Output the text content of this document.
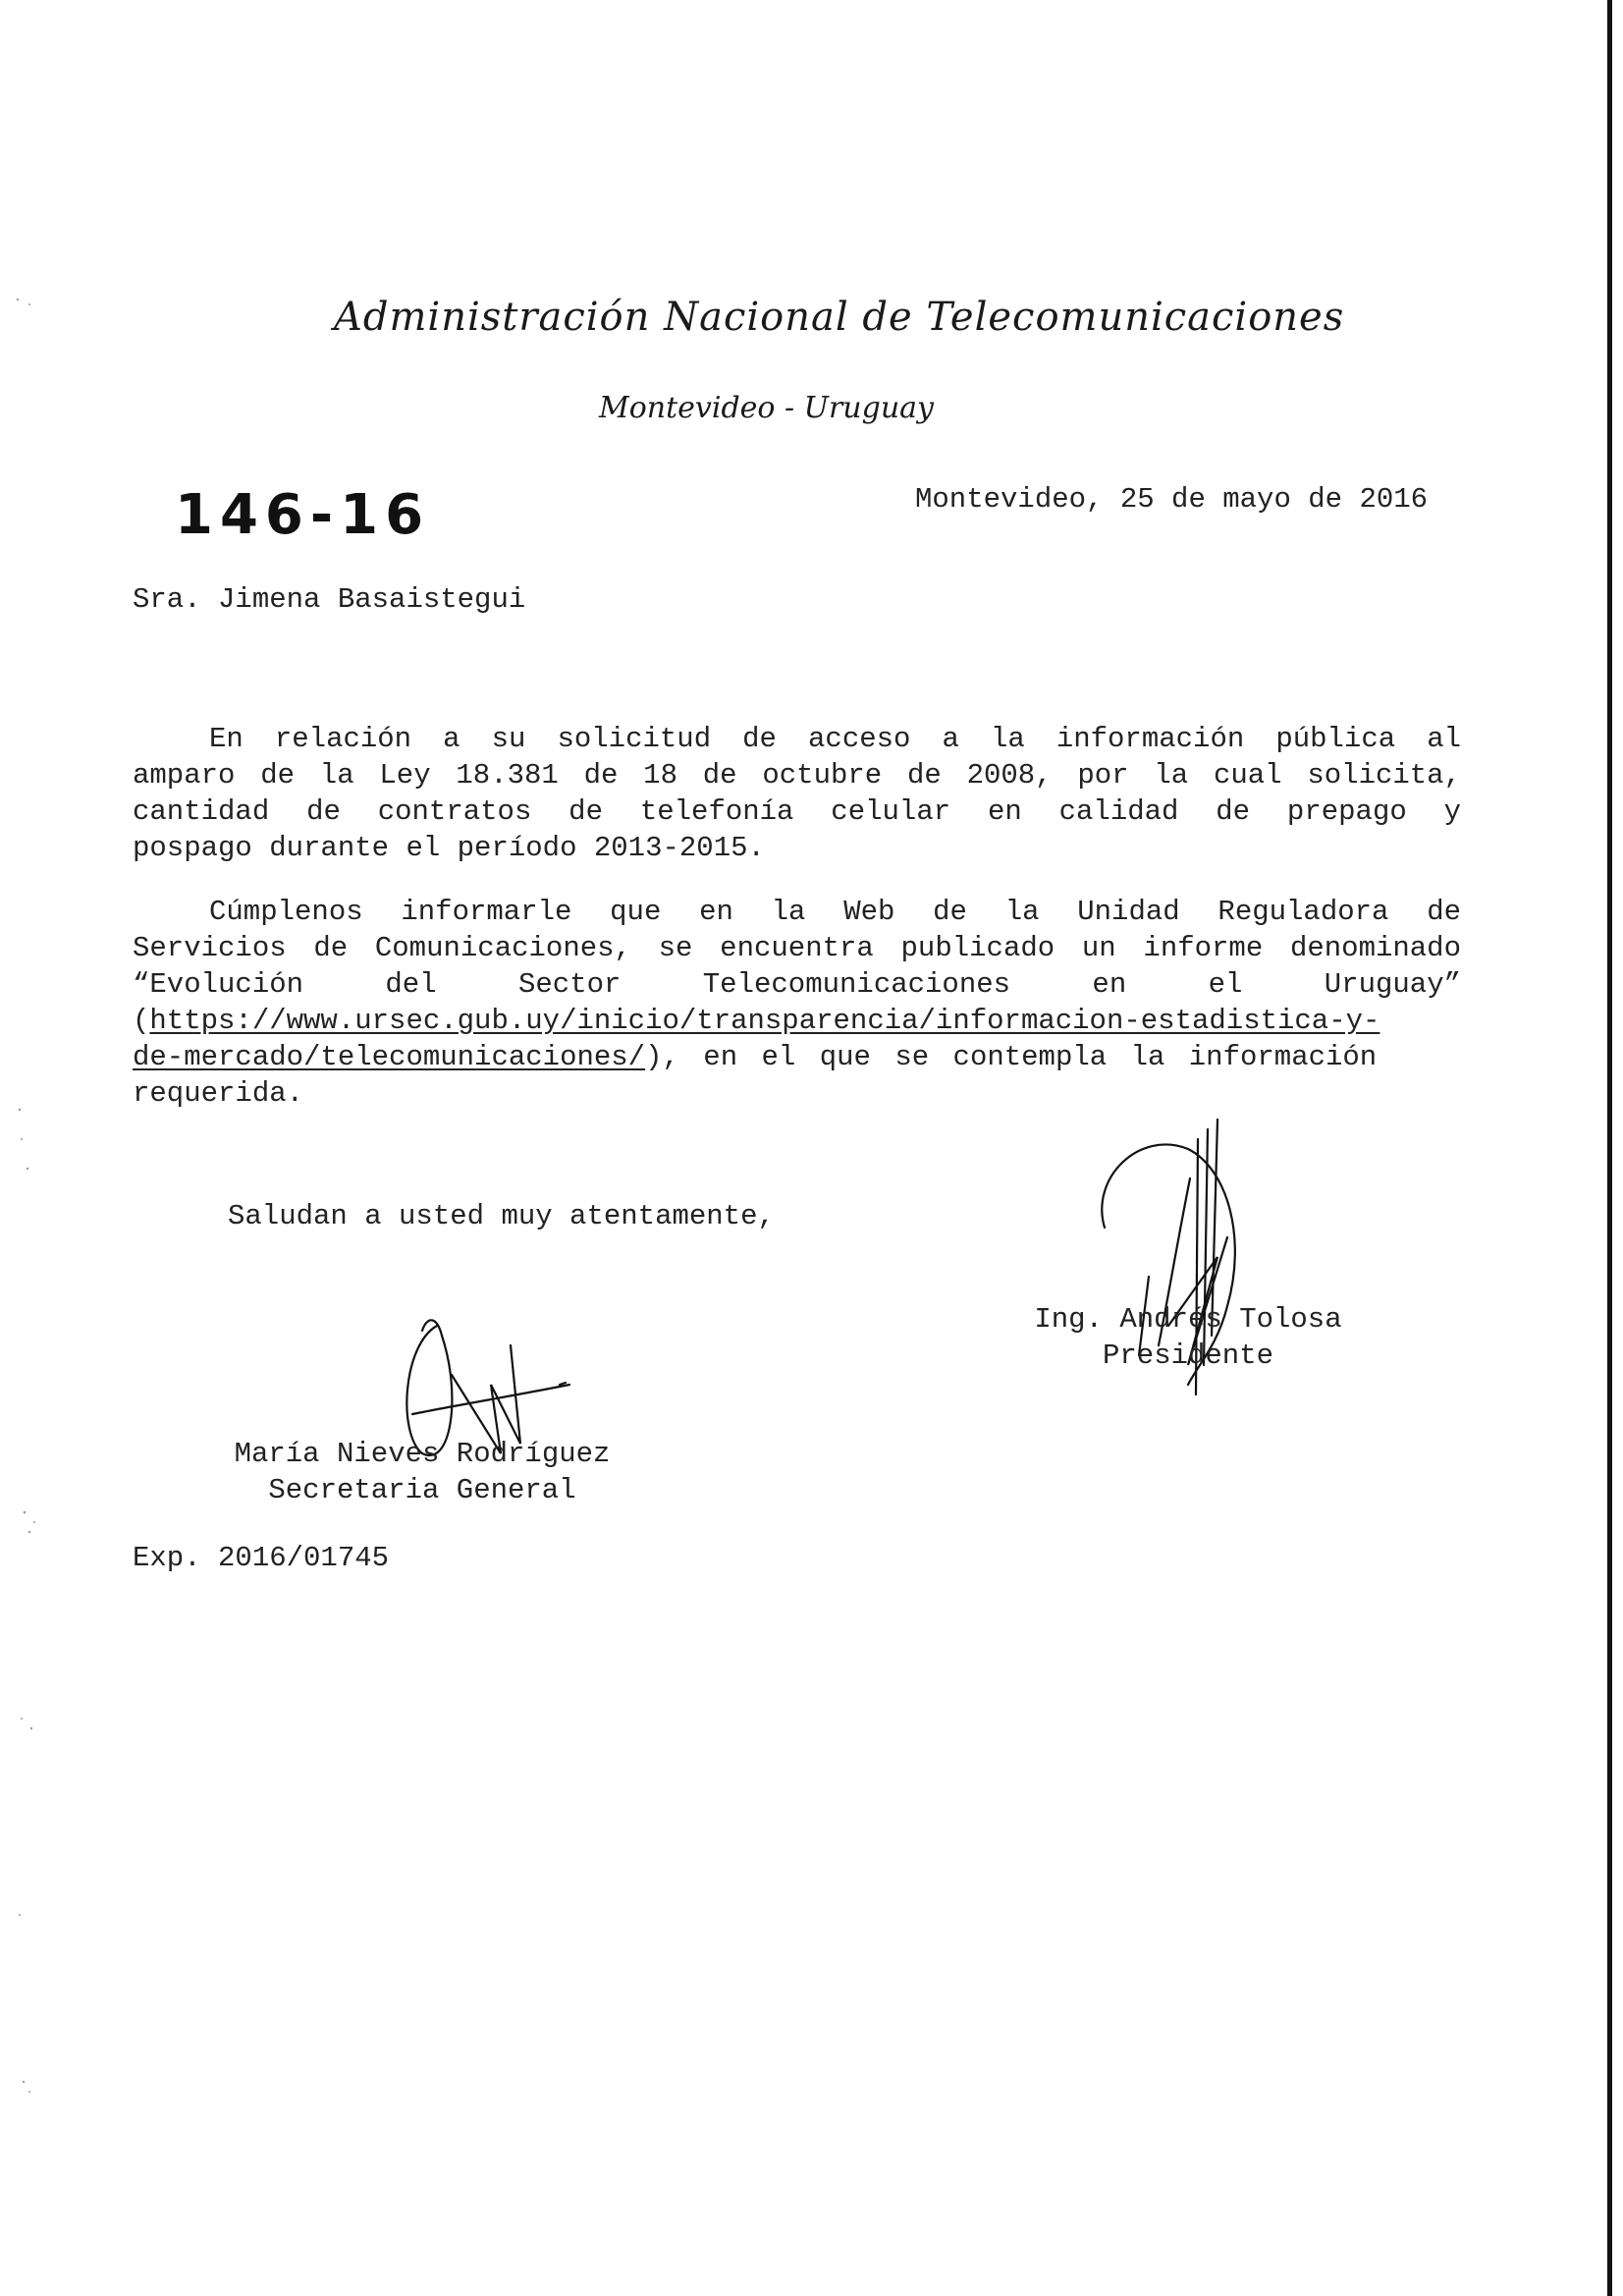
Administración Nacional de Telecomunicaciones
Montevideo - Uruguay
146-16	Montevideo, 25 de mayo de 2016
Sra. Jimena Basaistegui
En relación a su solicitud de acceso a la información pública al
amparo de la Ley 18.381 de 18 de octubre de 2008, por la cual solicita,
cantidad de contratos de telefonía celular en calidad de prepago y
pospago durante el período 2013-2015.
Cúmplenos informarle que en la Web de la Unidad Reguladora de
Servicios de Comunicaciones, se encuentra publicado un informe denominado
“Evolución del Sector Telecomunicaciones en el Uruguay”
(https://www.ursec.gub.uy/inicio/transparencia/informacion-estadistica-y-
de-mercado/telecomunicaciones/), en el que se contempla la información
requerida.
Saludan a usted muy atentamente,
Ing. Andrés Tolosa
Presidente
María Nieves Rodríguez
Secretaria General
Exp. 2016/01745
